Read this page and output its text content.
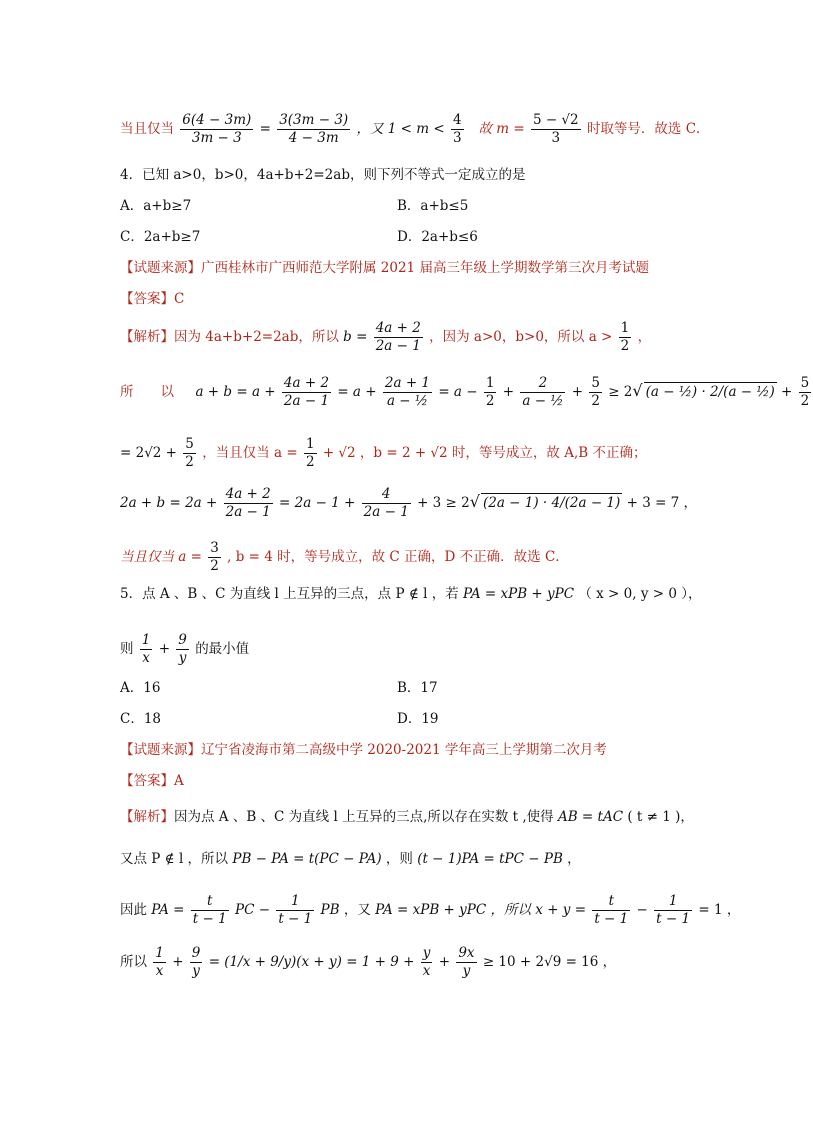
当且仅当 $\frac{6(4 - 3m)}{3m - 3} = \frac{3(3m - 3)}{4 - 3m}$ ，又 $1 < m < \frac{4}{3}$ 故 $m = \frac{5 - √2}{3}$ 时取等号．故选 C．
4．已知 a>0，b>0，4a+b+2=2ab，则下列不等式一定成立的是
A．a+b≥7	B．a+b≤5
C．2a+b≥7	D．2a+b≤6
【试题来源】广西桂林市广西师范大学附属 2021 届高三年级上学期数学第三次月考试题
【答案】C
【解析】因为 4a+b+2=2ab，所以 $b = \frac{4a + 2}{2a - 1}$ ，因为 a>0，b>0，所以 $a > \frac{1}{2}$ ，
所　　以 $a + b = a + \frac{4a + 2}{2a - 1} = a + \frac{2a + 1}{\text{a − ½}} = a - \frac{1}{2} + \frac{2}{\text{a − ½}} + \frac{5}{2} \ge 2√$ (a − ½) · 2/(a − ½) + $\frac{5}{2}$
= $2√2 + \frac{5}{2}$ ，当且仅当 $a = \frac{1}{2} + √2$ ，b = 2 + √2 时，等号成立，故 A,B 不正确；
$2a + b = 2a + \frac{4a + 2}{2a - 1} = 2a - 1 + \frac{4}{2a - 1} + 3 \ge 2√$ (2a − 1) · 4/(2a − 1) + 3 = 7 ，
当且仅当 $a = \frac{3}{2}$ , b = 4 时，等号成立，故 C 正确，D 不正确．故选 C．
5．点 A 、B 、C 为直线 l 上互异的三点，点 P ∉ l ，若 PA = xPB + yPC （ x > 0, y > 0 ），
则 $\frac{1}{x} + \frac{9}{y}$ 的最小值
A．16	B．17
C．18	D．19
【试题来源】辽宁省凌海市第二高级中学 2020-2021 学年高三上学期第二次月考
【答案】A
【解析】因为点 A 、B 、C 为直线 l 上互异的三点,所以存在实数 t ,使得 AB = tAC ( t ≠ 1 )，
又点 P ∉ l ，所以 PB − PA = t(PC − PA) ，则 (t − 1)PA = tPC − PB ，
因此 PA = $\frac{t}{t - 1}$ PC − $\frac{1}{t - 1}$ PB ，又 PA = xPB + yPC ，所以 $x + y = \frac{t}{t - 1} - \frac{1}{t - 1} = 1$ ，
所以 $\frac{1}{x} + \frac{9}{y} = (1/x + 9/y)(x + y) = 1 + 9 + \frac{y}{x} + \frac{9x}{y} \ge 10 + 2√9 = 16$ ，
